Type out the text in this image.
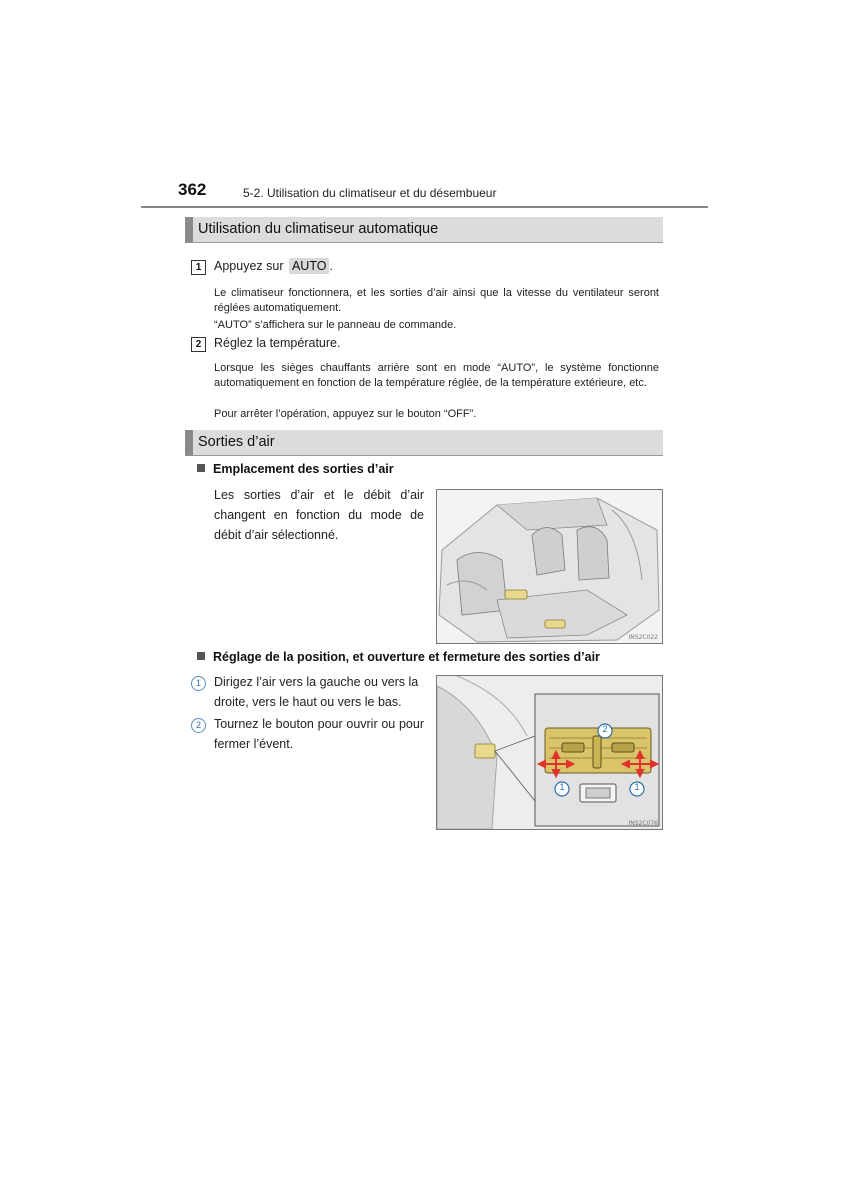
362	5-2. Utilisation du climatiseur et du désembueur
Utilisation du climatiseur automatique
1	Appuyez sur AUTO .
Le climatiseur fonctionnera, et les sorties d’air ainsi que la vitesse du ventilateur seront réglées automatiquement.
“AUTO” s’affichera sur le panneau de commande.
2	Réglez la température.
Lorsque les sièges chauffants arrière sont en mode “AUTO”, le système fonctionne automatiquement en fonction de la température réglée, de la température extérieure, etc.
Pour arrêter l’opération, appuyez sur le bouton “OFF”.
Sorties d’air
Emplacement des sorties d’air
Les sorties d’air et le débit d’air changent en fonction du mode de débit d’air sélectionné.
INS2C022
Réglage de la position, et ouverture et fermeture des sorties d’air
1	Dirigez l’air vers la gauche ou vers la droite, vers le haut ou vers le bas.
2	Tournez le bouton pour ouvrir ou pour fermer l’évent.
1	1
2
INS2C076
